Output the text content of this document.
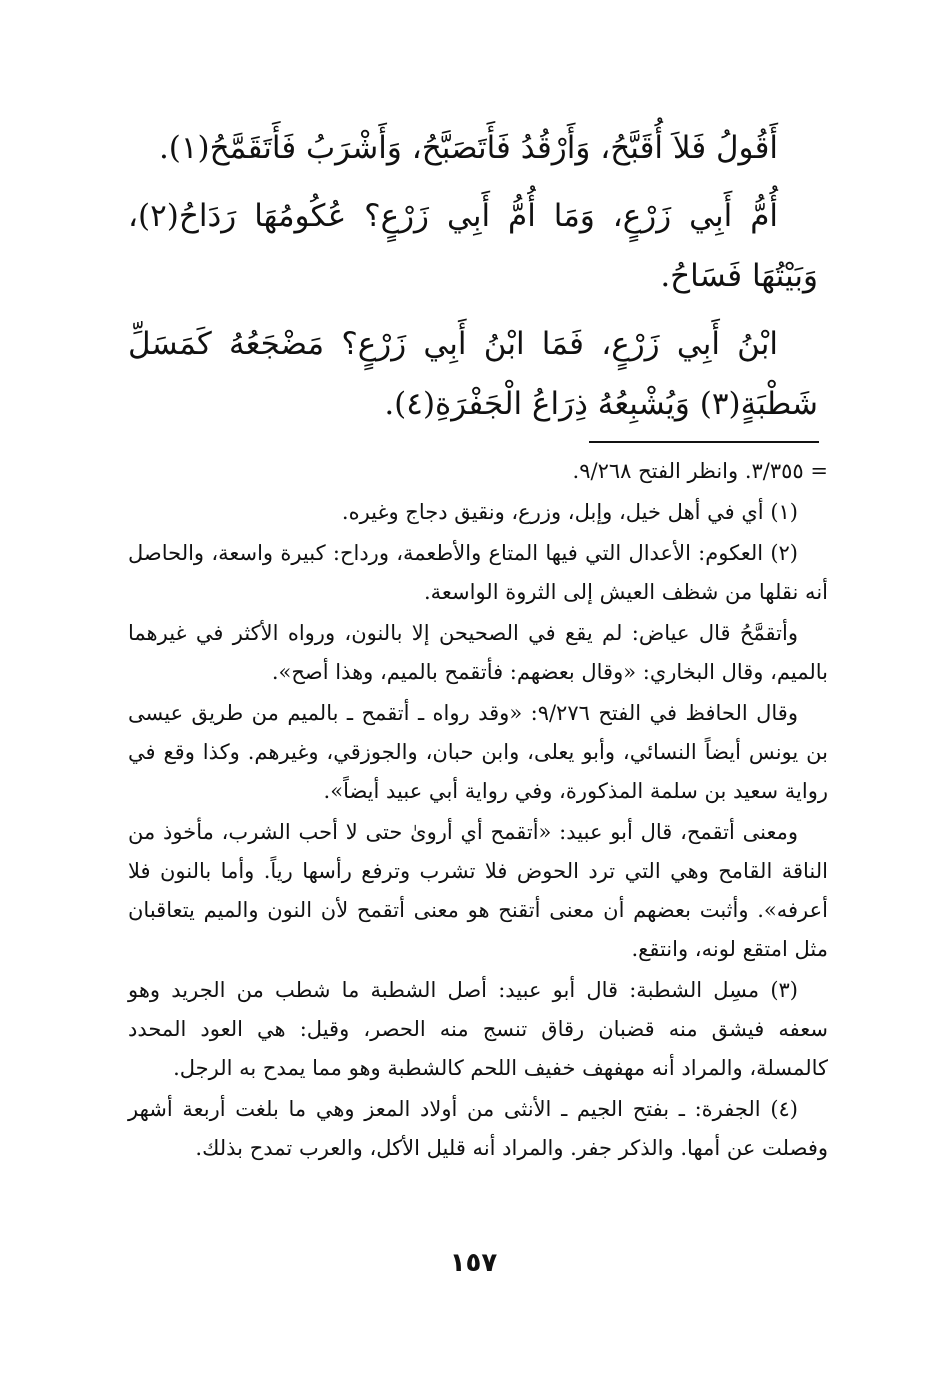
أَقُولُ فَلاَ أُقَبَّحُ، وَأَرْقُدُ فَأَتَصَبَّحُ، وَأَشْرَبُ فَأَتَقَمَّحُ(١).

أُمُّ أَبِي زَرْعٍ، وَمَا أُمُّ أَبِي زَرْعٍ؟ عُكُومُهَا رَدَاحُ(٢)، وَبَيْتُهَا فَسَاحُ.

ابْنُ أَبِي زَرْعٍ، فَمَا ابْنُ أَبِي زَرْعٍ؟ مَضْجَعُهُ كَمَسَلِّ شَطْبَةٍ(٣) وَيُشْبِعُهُ ذِرَاعُ الْجَفْرَةِ(٤).

= ٣/٣٥٥. وانظر الفتح ٩/٢٦٨.

(١) أي في أهل خيل، وإبل، وزرع، ونقيق دجاج وغيره.

(٢) العكوم: الأعدال التي فيها المتاع والأطعمة، ورداح: كبيرة واسعة، والحاصل أنه نقلها من شظف العيش إلى الثروة الواسعة.

وأتقمَّحُ قال عياض: لم يقع في الصحيحن إلا بالنون، ورواه الأكثر في غيرهما بالميم، وقال البخاري: «وقال بعضهم: فأتقمح بالميم، وهذا أصح».

وقال الحافظ في الفتح ٩/٢٧٦: «وقد رواه ـ أتقمح ـ بالميم من طريق عيسى بن يونس أيضاً النسائي، وأبو يعلى، وابن حبان، والجوزقي، وغيرهم. وكذا وقع في رواية سعيد بن سلمة المذكورة، وفي رواية أبي عبيد أيضاً».

ومعنى أتقمح، قال أبو عبيد: «أتقمح أي أروىٰ حتى لا أحب الشرب، مأخوذ من الناقة القامح وهي التي ترد الحوض فلا تشرب وترفع رأسها رياً. وأما بالنون فلا أعرفه». وأثبت بعضهم أن معنى أتقنح هو معنى أتقمح لأن النون والميم يتعاقبان مثل امتقع لونه، وانتقع.

(٣) مسِل الشطبة: قال أبو عبيد: أصل الشطبة ما شطب من الجريد وهو سعفه فيشق منه قضبان رقاق تنسج منه الحصر، وقيل: هي العود المحدد كالمسلة، والمراد أنه مهفهف خفيف اللحم كالشطبة وهو مما يمدح به الرجل.

(٤) الجفرة: ـ بفتح الجيم ـ الأنثى من أولاد المعز وهي ما بلغت أربعة أشهر وفصلت عن أمها. والذكر جفر. والمراد أنه قليل الأكل، والعرب تمدح بذلك.

١٥٧
